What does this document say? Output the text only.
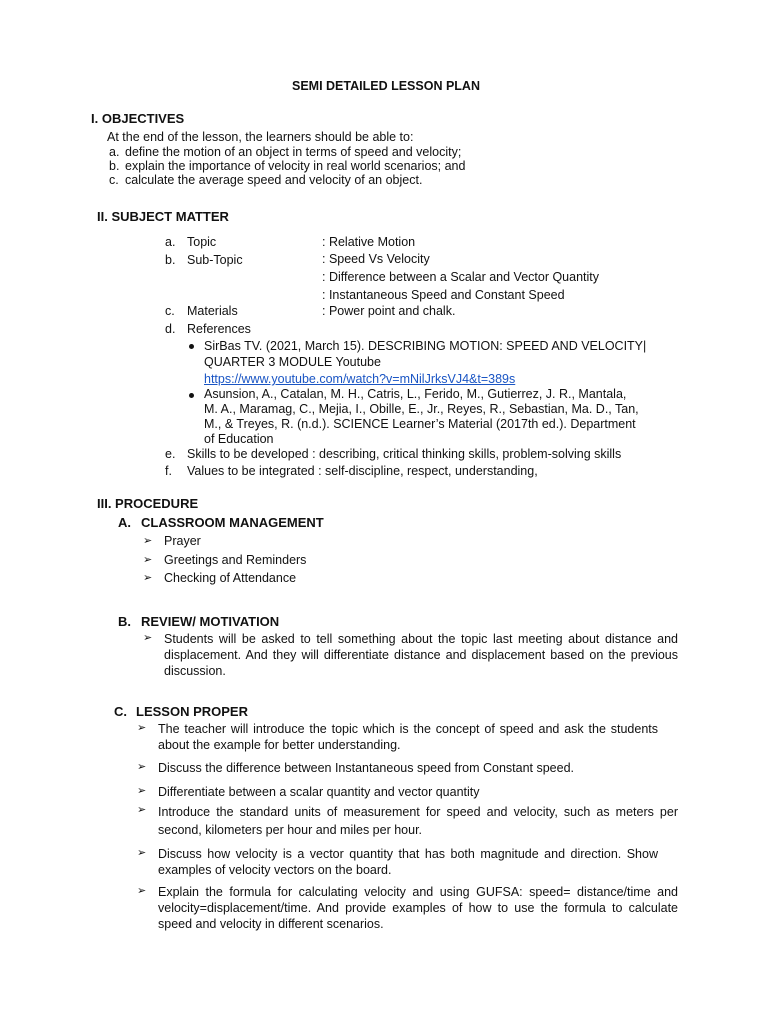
SEMI DETAILED LESSON PLAN
I. OBJECTIVES
At the end of the lesson, the learners should be able to:
a. define the motion of an object in terms of speed and velocity;
b. explain the importance of velocity in real world scenarios; and
c. calculate the average speed and velocity of an object.
II. SUBJECT MATTER
a. Topic	: Relative Motion
b. Sub-Topic	: Speed Vs Velocity
: Difference between a Scalar and Vector Quantity
: Instantaneous Speed and Constant Speed
c. Materials	: Power point and chalk.
d. References
SirBas TV. (2021, March 15). DESCRIBING MOTION: SPEED AND VELOCITY|
QUARTER 3 MODULE Youtube
https://www.youtube.com/watch?v=mNilJrksVJ4&t=389s
Asunsion, A., Catalan, M. H., Catris, L., Ferido, M., Gutierrez, J. R., Mantala,
M. A., Maramag, C., Mejia, I., Obille, E., Jr., Reyes, R., Sebastian, Ma. D., Tan,
M., & Treyes, R. (n.d.). SCIENCE Learner’s Material (2017th ed.). Department
of Education
e. Skills to be developed : describing, critical thinking skills, problem-solving skills
f. Values to be integrated : self-discipline, respect, understanding,
III. PROCEDURE
A. CLASSROOM MANAGEMENT
➢ Prayer
➢ Greetings and Reminders
➢ Checking of Attendance
B. REVIEW/ MOTIVATION
➢ Students will be asked to tell something about the topic last meeting about distance and displacement. And they will differentiate distance and displacement based on the previous discussion.
C. LESSON PROPER
➢ The teacher will introduce the topic which is the concept of speed and ask the students about the example for better understanding.
➢ Discuss the difference between Instantaneous speed from Constant speed.
➢ Differentiate between a scalar quantity and vector quantity
➢ Introduce the standard units of measurement for speed and velocity, such as meters per second, kilometers per hour and miles per hour.
➢ Discuss how velocity is a vector quantity that has both magnitude and direction. Show examples of velocity vectors on the board.
➢ Explain the formula for calculating velocity and using GUFSA: speed= distance/time and velocity=displacement/time. And provide examples of how to use the formula to calculate speed and velocity in different scenarios.
